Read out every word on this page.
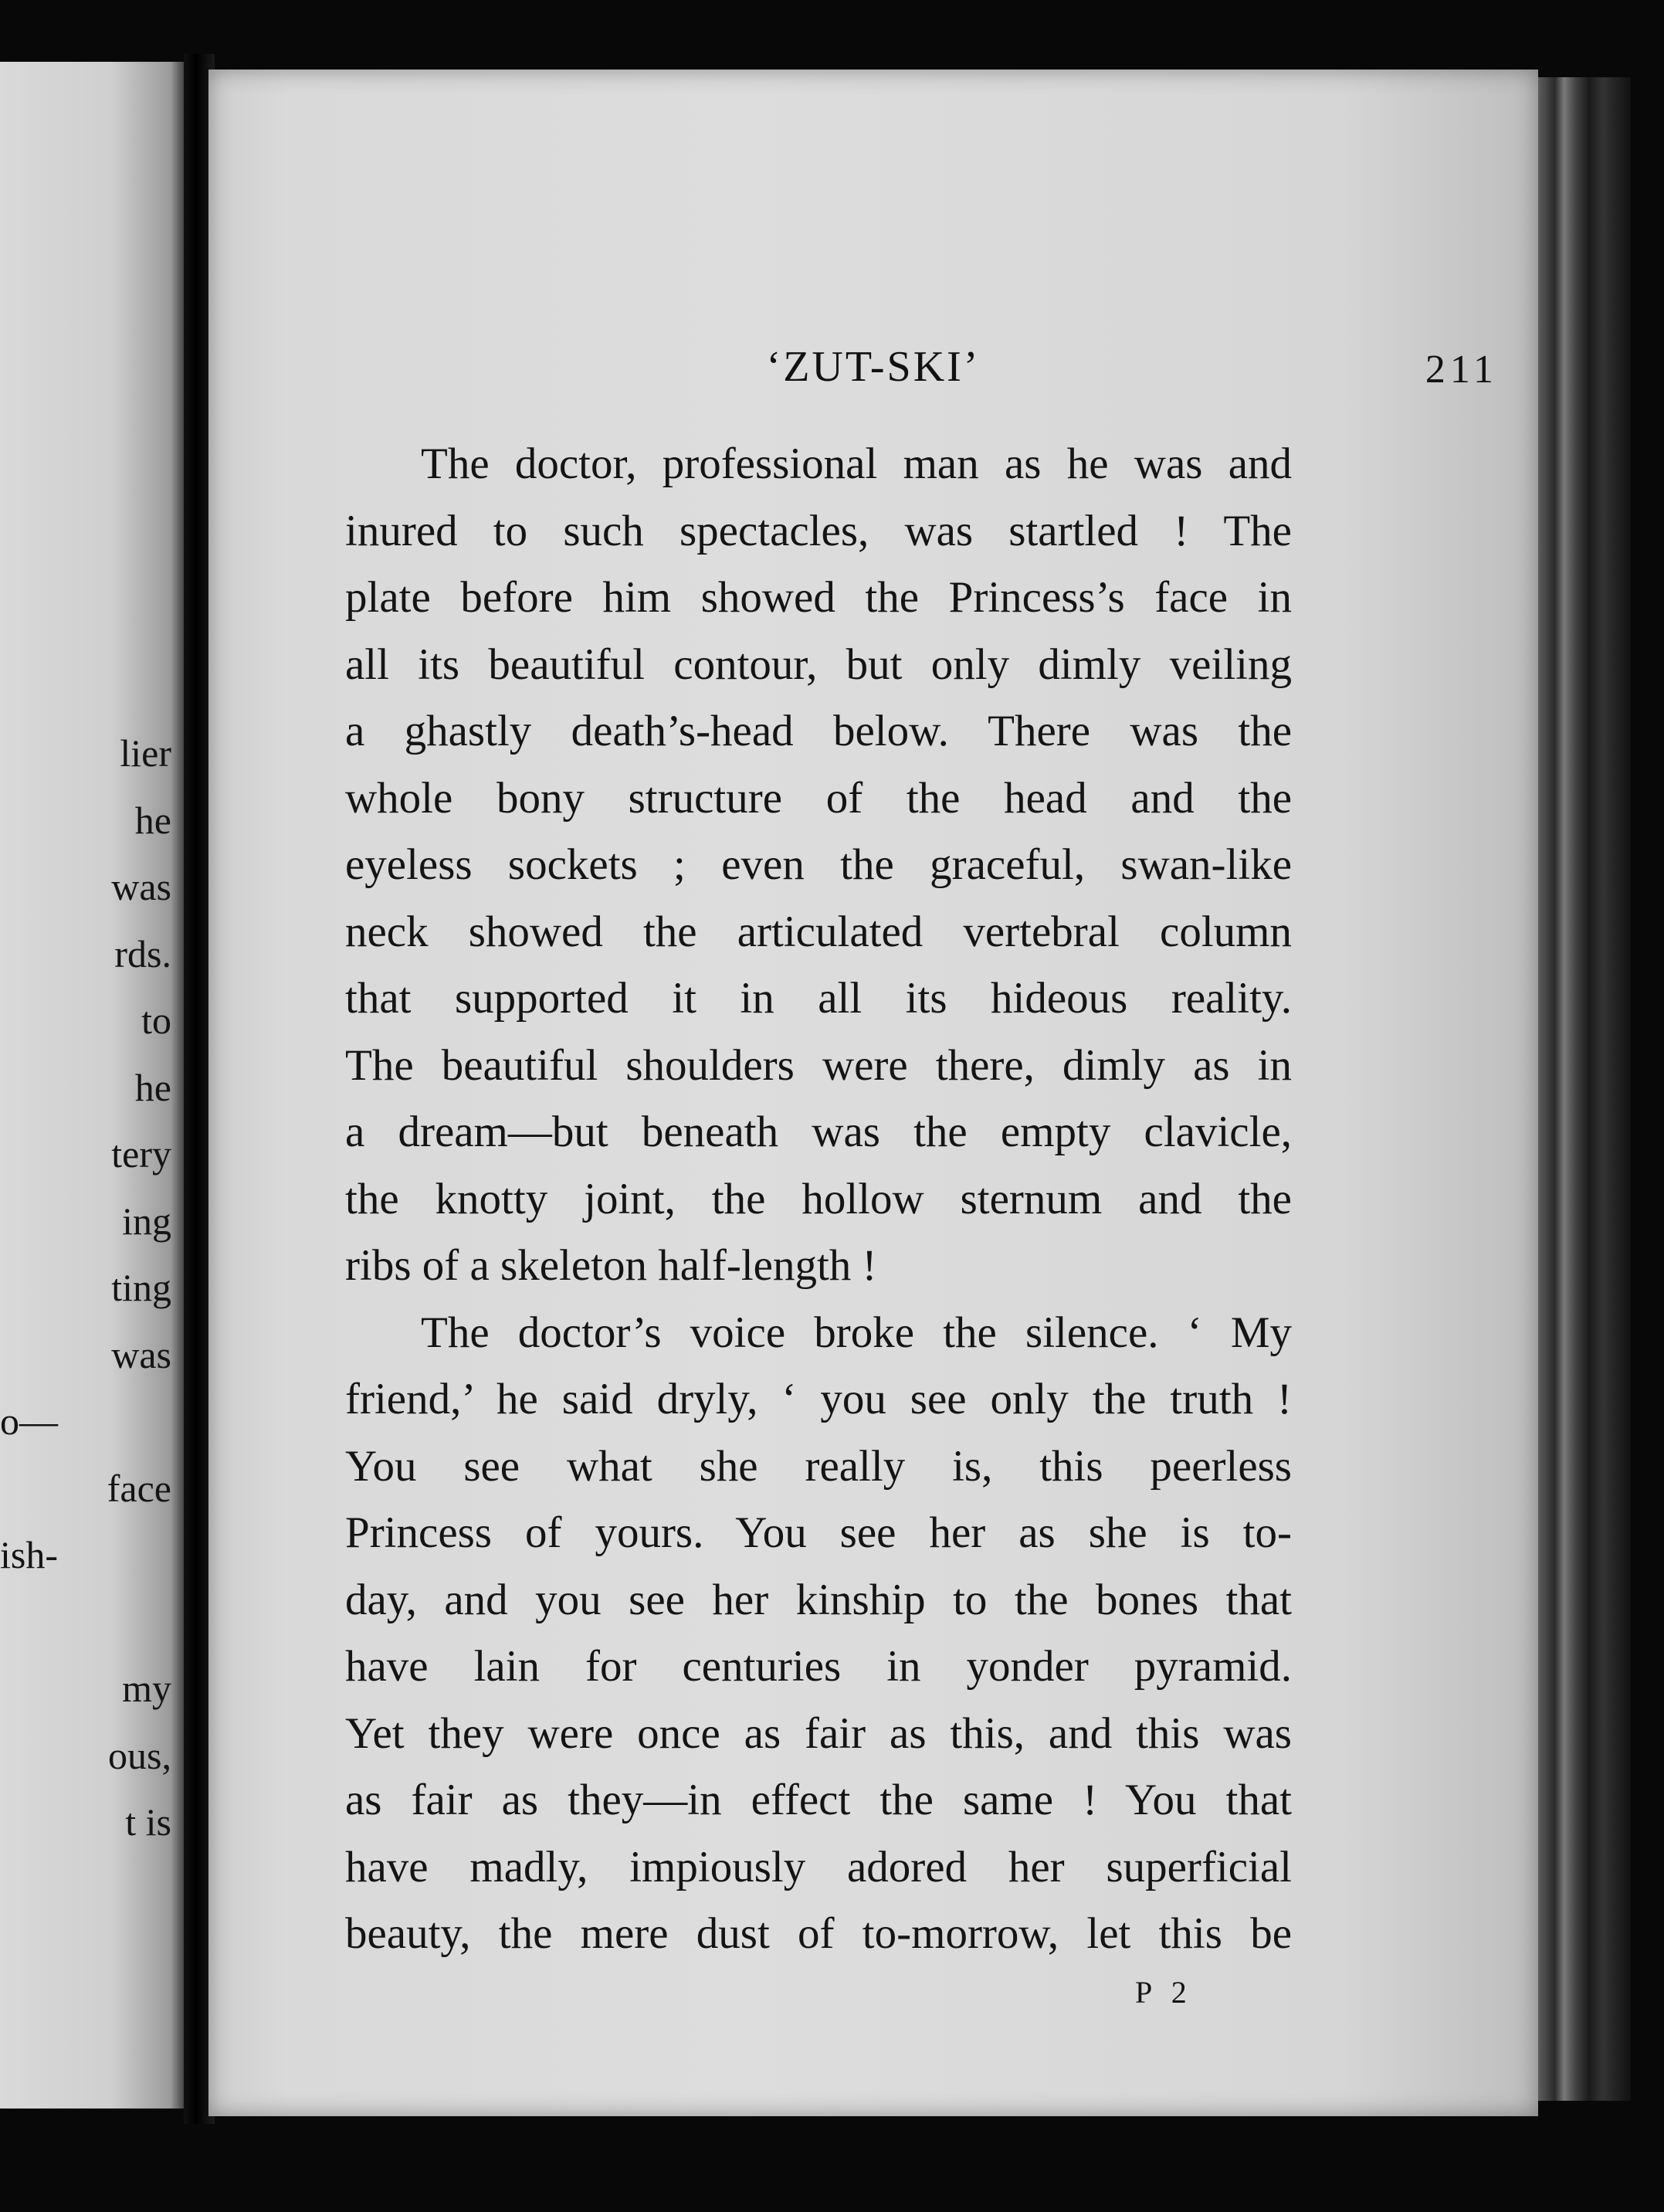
lier
he
was
rds.
to
he
tery
ing
ting
was
o—
face
ish-
my
ous,
t is
‘ZUT-SKI’	211
The doctor, professional man as he was and
inured to such spectacles, was startled ! The
plate before him showed the Princess’s face in
all its beautiful contour, but only dimly veiling
a ghastly death’s-head below. There was the
whole bony structure of the head and the
eyeless sockets ; even the graceful, swan-like
neck showed the articulated vertebral column
that supported it in all its hideous reality.
The beautiful shoulders were there, dimly as in
a dream—but beneath was the empty clavicle,
the knotty joint, the hollow sternum and the
ribs of a skeleton half-length !
The doctor’s voice broke the silence. ‘ My
friend,’ he said dryly, ‘ you see only the truth !
You see what she really is, this peerless
Princess of yours. You see her as she is to-
day, and you see her kinship to the bones that
have lain for centuries in yonder pyramid.
Yet they were once as fair as this, and this was
as fair as they—in effect the same ! You that
have madly, impiously adored her superficial
beauty, the mere dust of to-morrow, let this be
P 2
